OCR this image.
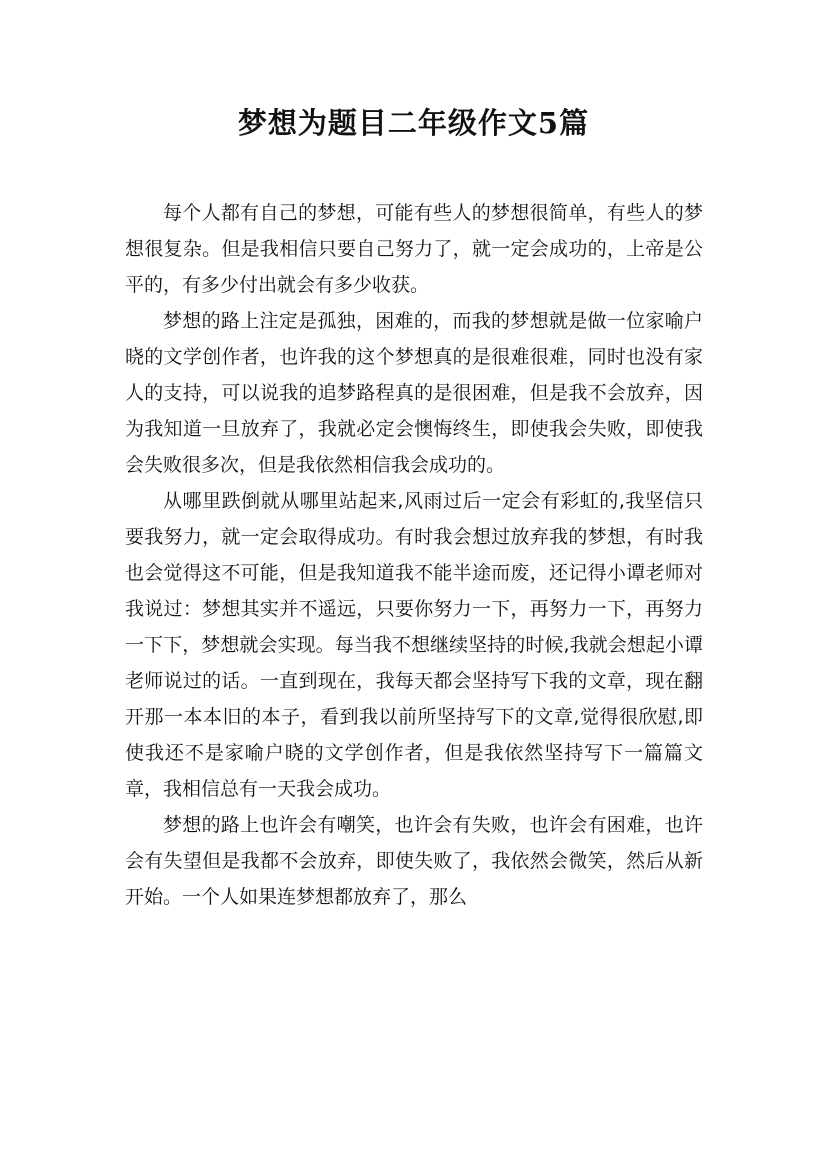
梦想为题目二年级作文5篇

每个人都有自己的梦想，可能有些人的梦想很简单，有些人的梦想很复杂。但是我相信只要自己努力了，就一定会成功的，上帝是公平的，有多少付出就会有多少收获。

梦想的路上注定是孤独，困难的，而我的梦想就是做一位家喻户晓的文学创作者，也许我的这个梦想真的是很难很难，同时也没有家人的支持，可以说我的追梦路程真的是很困难，但是我不会放弃，因为我知道一旦放弃了，我就必定会懊悔终生，即使我会失败，即使我会失败很多次，但是我依然相信我会成功的。

从哪里跌倒就从哪里站起来,风雨过后一定会有彩虹的,我坚信只要我努力，就一定会取得成功。有时我会想过放弃我的梦想，有时我也会觉得这不可能，但是我知道我不能半途而废，还记得小谭老师对我说过：梦想其实并不遥远，只要你努力一下，再努力一下，再努力一下下，梦想就会实现。每当我不想继续坚持的时候,我就会想起小谭老师说过的话。一直到现在，我每天都会坚持写下我的文章，现在翻开那一本本旧的本子，看到我以前所坚持写下的文章,觉得很欣慰,即使我还不是家喻户晓的文学创作者，但是我依然坚持写下一篇篇文章，我相信总有一天我会成功。

梦想的路上也许会有嘲笑，也许会有失败，也许会有困难，也许会有失望但是我都不会放弃，即使失败了，我依然会微笑，然后从新开始。一个人如果连梦想都放弃了，那么
